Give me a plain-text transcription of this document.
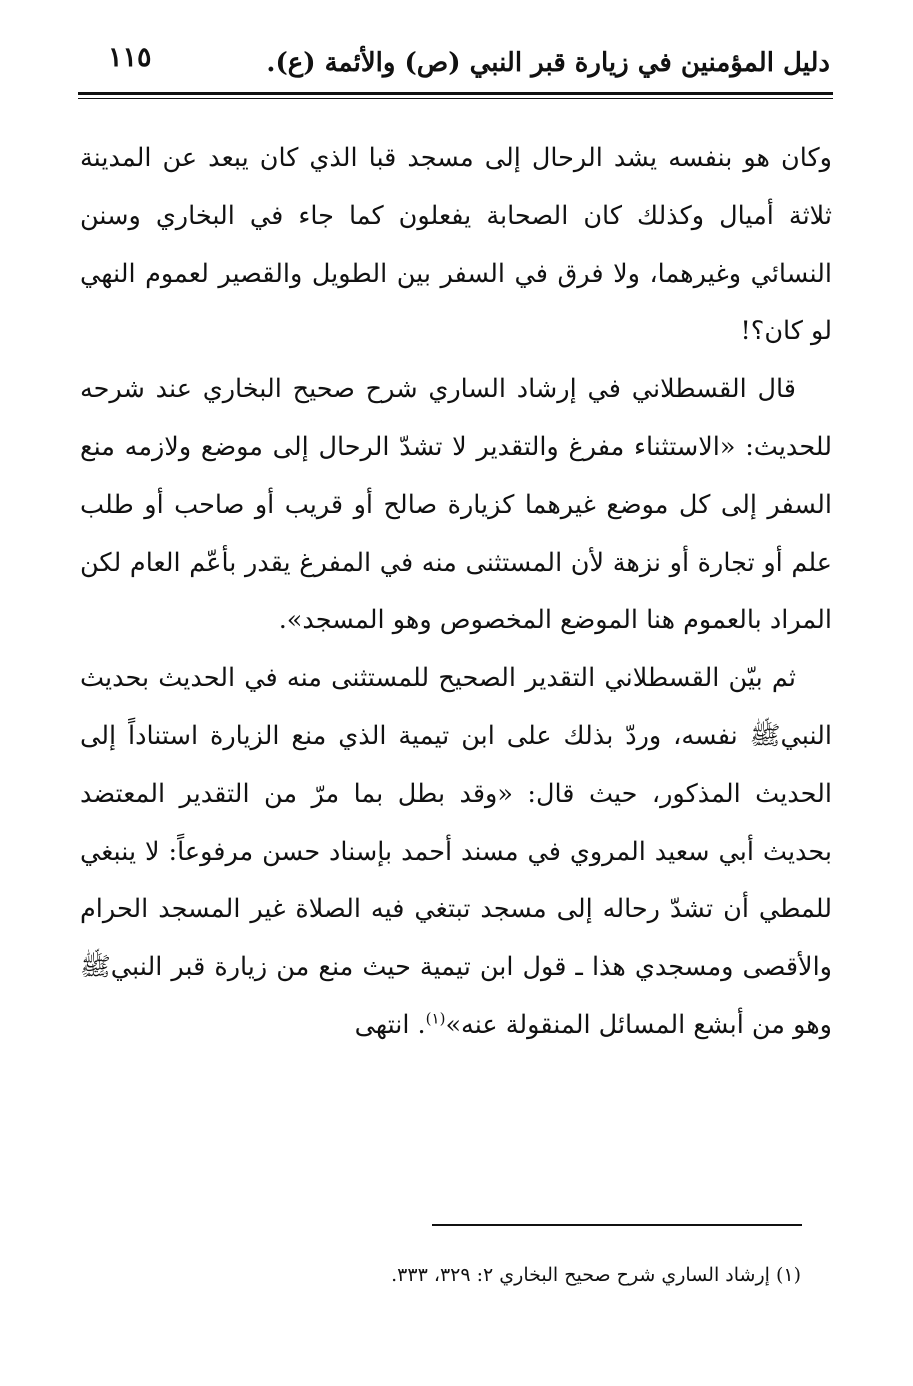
١١٥	دليل المؤمنين في زيارة قبر النبي (ص) والأئمة (ع).

وكان هو بنفسه يشد الرحال إلى مسجد قبا الذي كان يبعد عن المدينة ثلاثة أميال وكذلك كان الصحابة يفعلون كما جاء في البخاري وسنن النسائي وغيرهما، ولا فرق في السفر بين الطويل والقصير لعموم النهي لو كان؟!

قال القسطلاني في إرشاد الساري شرح صحيح البخاري عند شرحه للحديث: «الاستثناء مفرغ والتقدير لا تشدّ الرحال إلى موضع ولازمه منع السفر إلى كل موضع غيرهما كزيارة صالح أو قريب أو صاحب أو طلب علم أو تجارة أو نزهة لأن المستثنى منه في المفرغ يقدر بأعّم العام لكن المراد بالعموم هنا الموضع المخصوص وهو المسجد».

ثم بيّن القسطلاني التقدير الصحيح للمستثنى منه في الحديث بحديث النبيﷺ نفسه، وردّ بذلك على ابن تيمية الذي منع الزيارة استناداً إلى الحديث المذكور، حيث قال: «وقد بطل بما مرّ من التقدير المعتضد بحديث أبي سعيد المروي في مسند أحمد بإسناد حسن مرفوعاً: لا ينبغي للمطي أن تشدّ رحاله إلى مسجد تبتغي فيه الصلاة غير المسجد الحرام والأقصى ومسجدي هذا ـ قول ابن تيمية حيث منع من زيارة قبر النبيﷺ وهو من أبشع المسائل المنقولة عنه»$^{(١)}$. انتهى

(١) إرشاد الساري شرح صحيح البخاري ٢: ٣٢٩، ٣٣٣.
